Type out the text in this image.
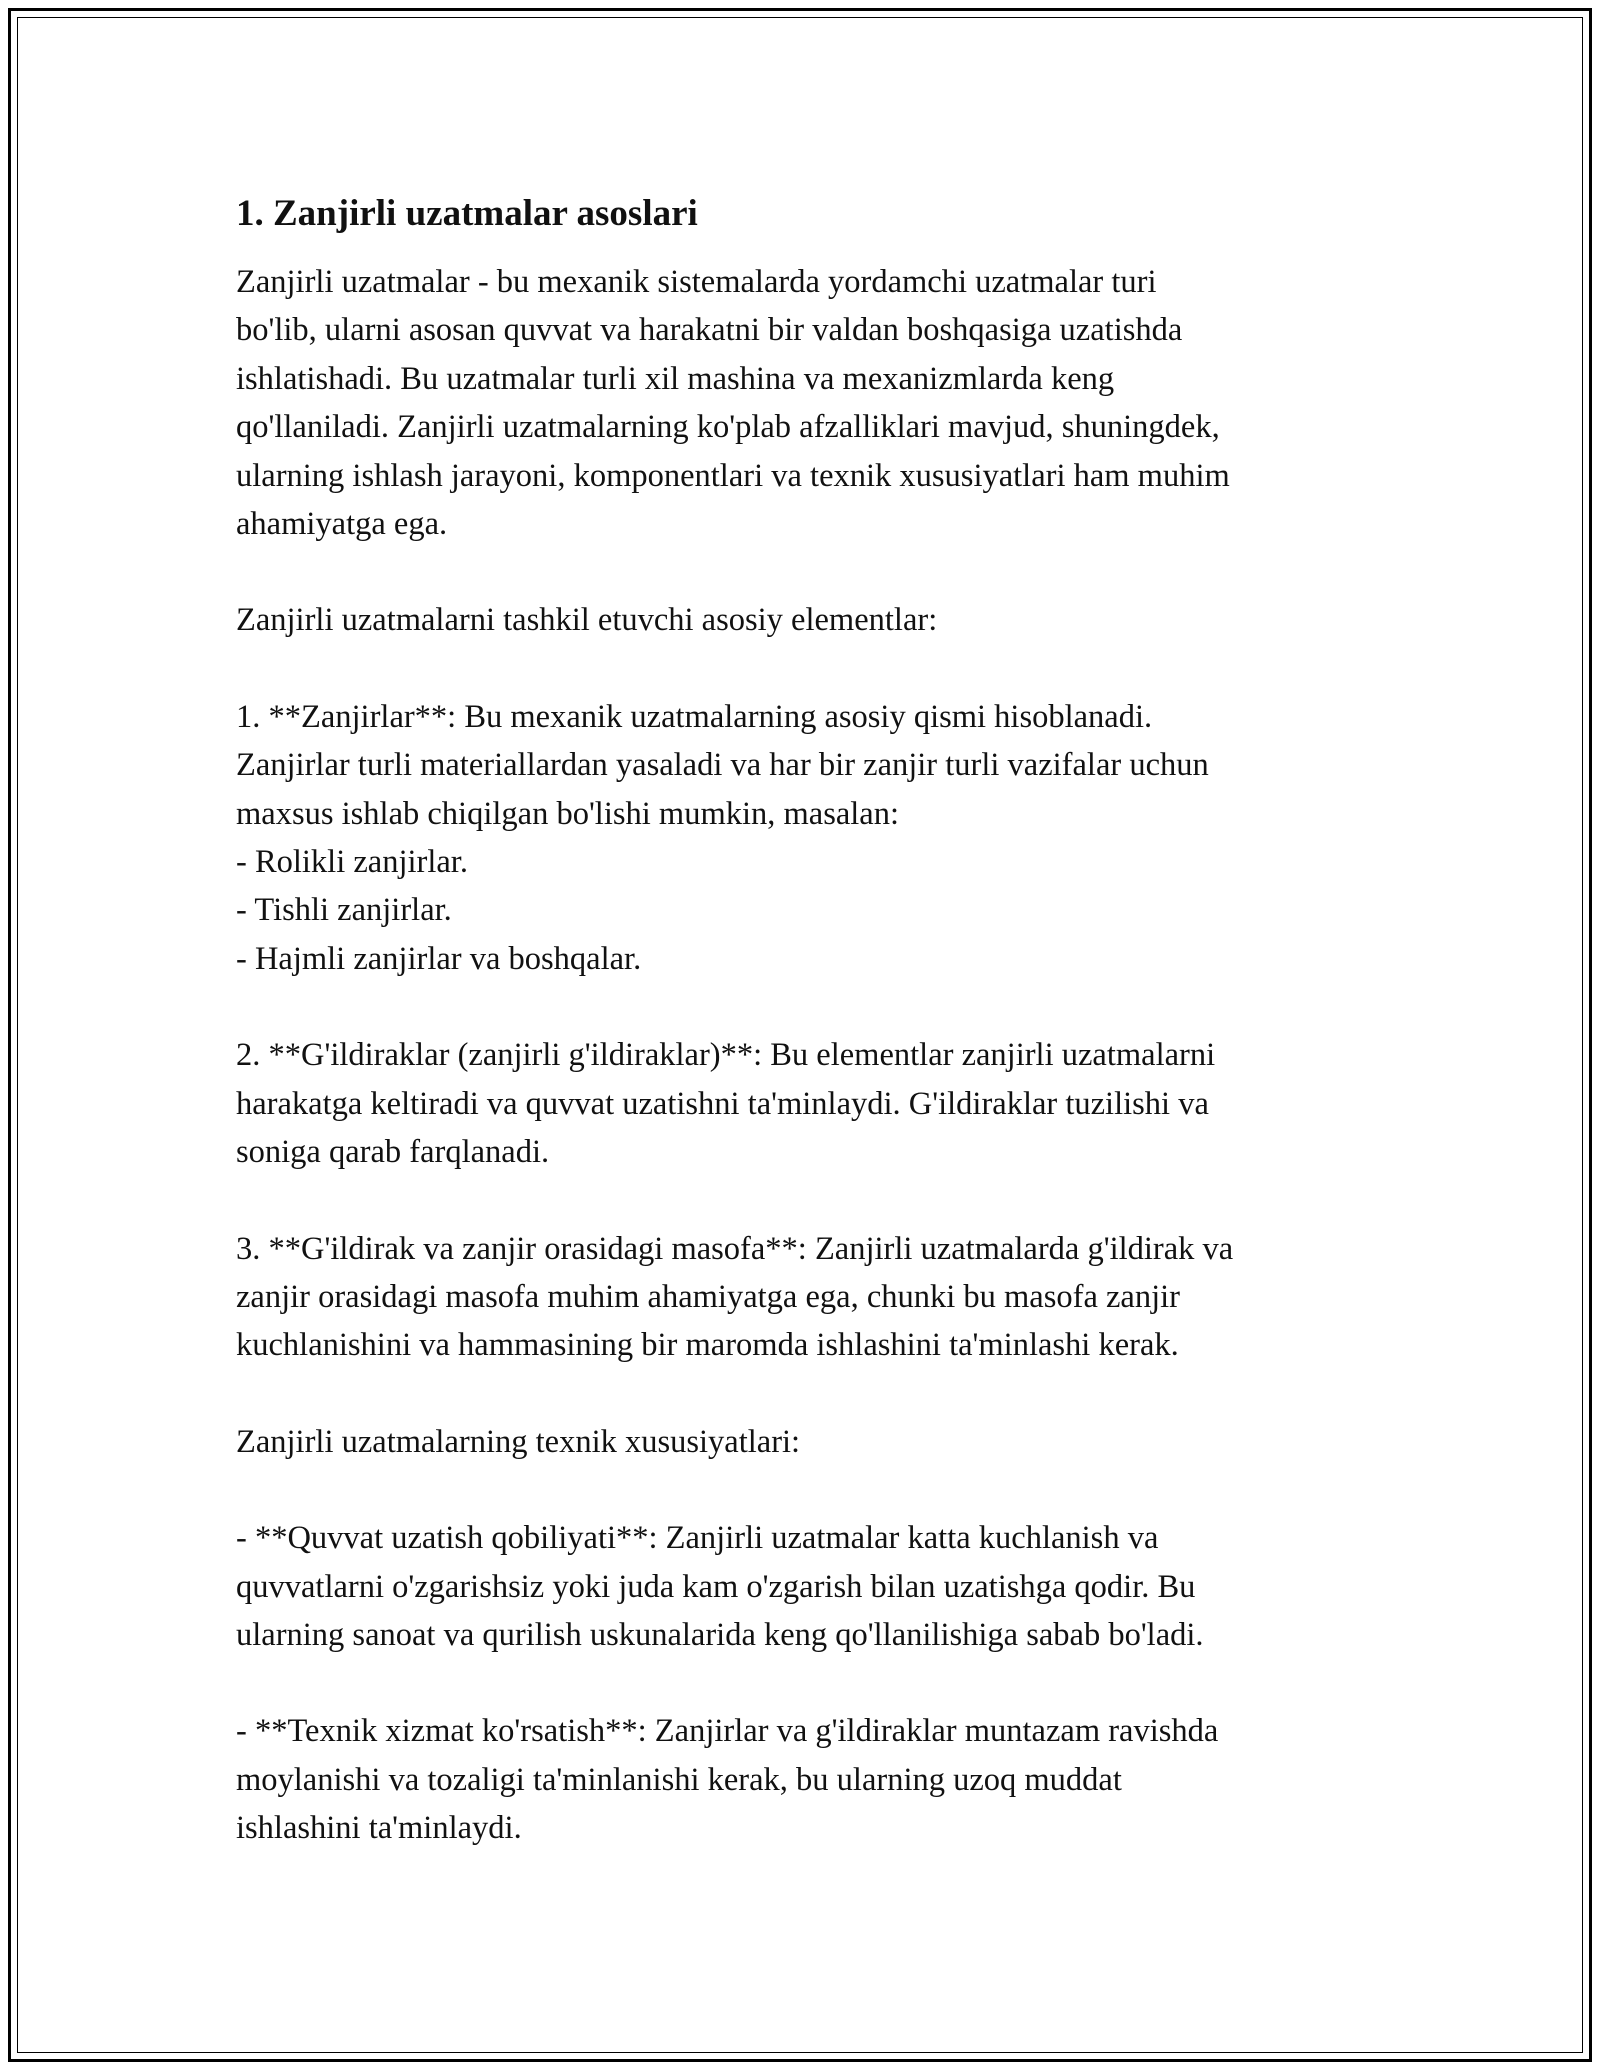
1. Zanjirli uzatmalar asoslari

Zanjirli uzatmalar - bu mexanik sistemalarda yordamchi uzatmalar turi
bo'lib, ularni asosan quvvat va harakatni bir valdan boshqasiga uzatishda
ishlatishadi. Bu uzatmalar turli xil mashina va mexanizmlarda keng
qo'llaniladi. Zanjirli uzatmalarning ko'plab afzalliklari mavjud, shuningdek,
ularning ishlash jarayoni, komponentlari va texnik xususiyatlari ham muhim
ahamiyatga ega.

Zanjirli uzatmalarni tashkil etuvchi asosiy elementlar:

1. **Zanjirlar**: Bu mexanik uzatmalarning asosiy qismi hisoblanadi.
Zanjirlar turli materiallardan yasaladi va har bir zanjir turli vazifalar uchun
maxsus ishlab chiqilgan bo'lishi mumkin, masalan:
- Rolikli zanjirlar.
- Tishli zanjirlar.
- Hajmli zanjirlar va boshqalar.

2. **G'ildiraklar (zanjirli g'ildiraklar)**: Bu elementlar zanjirli uzatmalarni
harakatga keltiradi va quvvat uzatishni ta'minlaydi. G'ildiraklar tuzilishi va
soniga qarab farqlanadi.

3. **G'ildirak va zanjir orasidagi masofa**: Zanjirli uzatmalarda g'ildirak va
zanjir orasidagi masofa muhim ahamiyatga ega, chunki bu masofa zanjir
kuchlanishini va hammasining bir maromda ishlashini ta'minlashi kerak.

Zanjirli uzatmalarning texnik xususiyatlari:

- **Quvvat uzatish qobiliyati**: Zanjirli uzatmalar katta kuchlanish va
quvvatlarni o'zgarishsiz yoki juda kam o'zgarish bilan uzatishga qodir. Bu
ularning sanoat va qurilish uskunalarida keng qo'llanilishiga sabab bo'ladi.

- **Texnik xizmat ko'rsatish**: Zanjirlar va g'ildiraklar muntazam ravishda
moylanishi va tozaligi ta'minlanishi kerak, bu ularning uzoq muddat
ishlashini ta'minlaydi.
